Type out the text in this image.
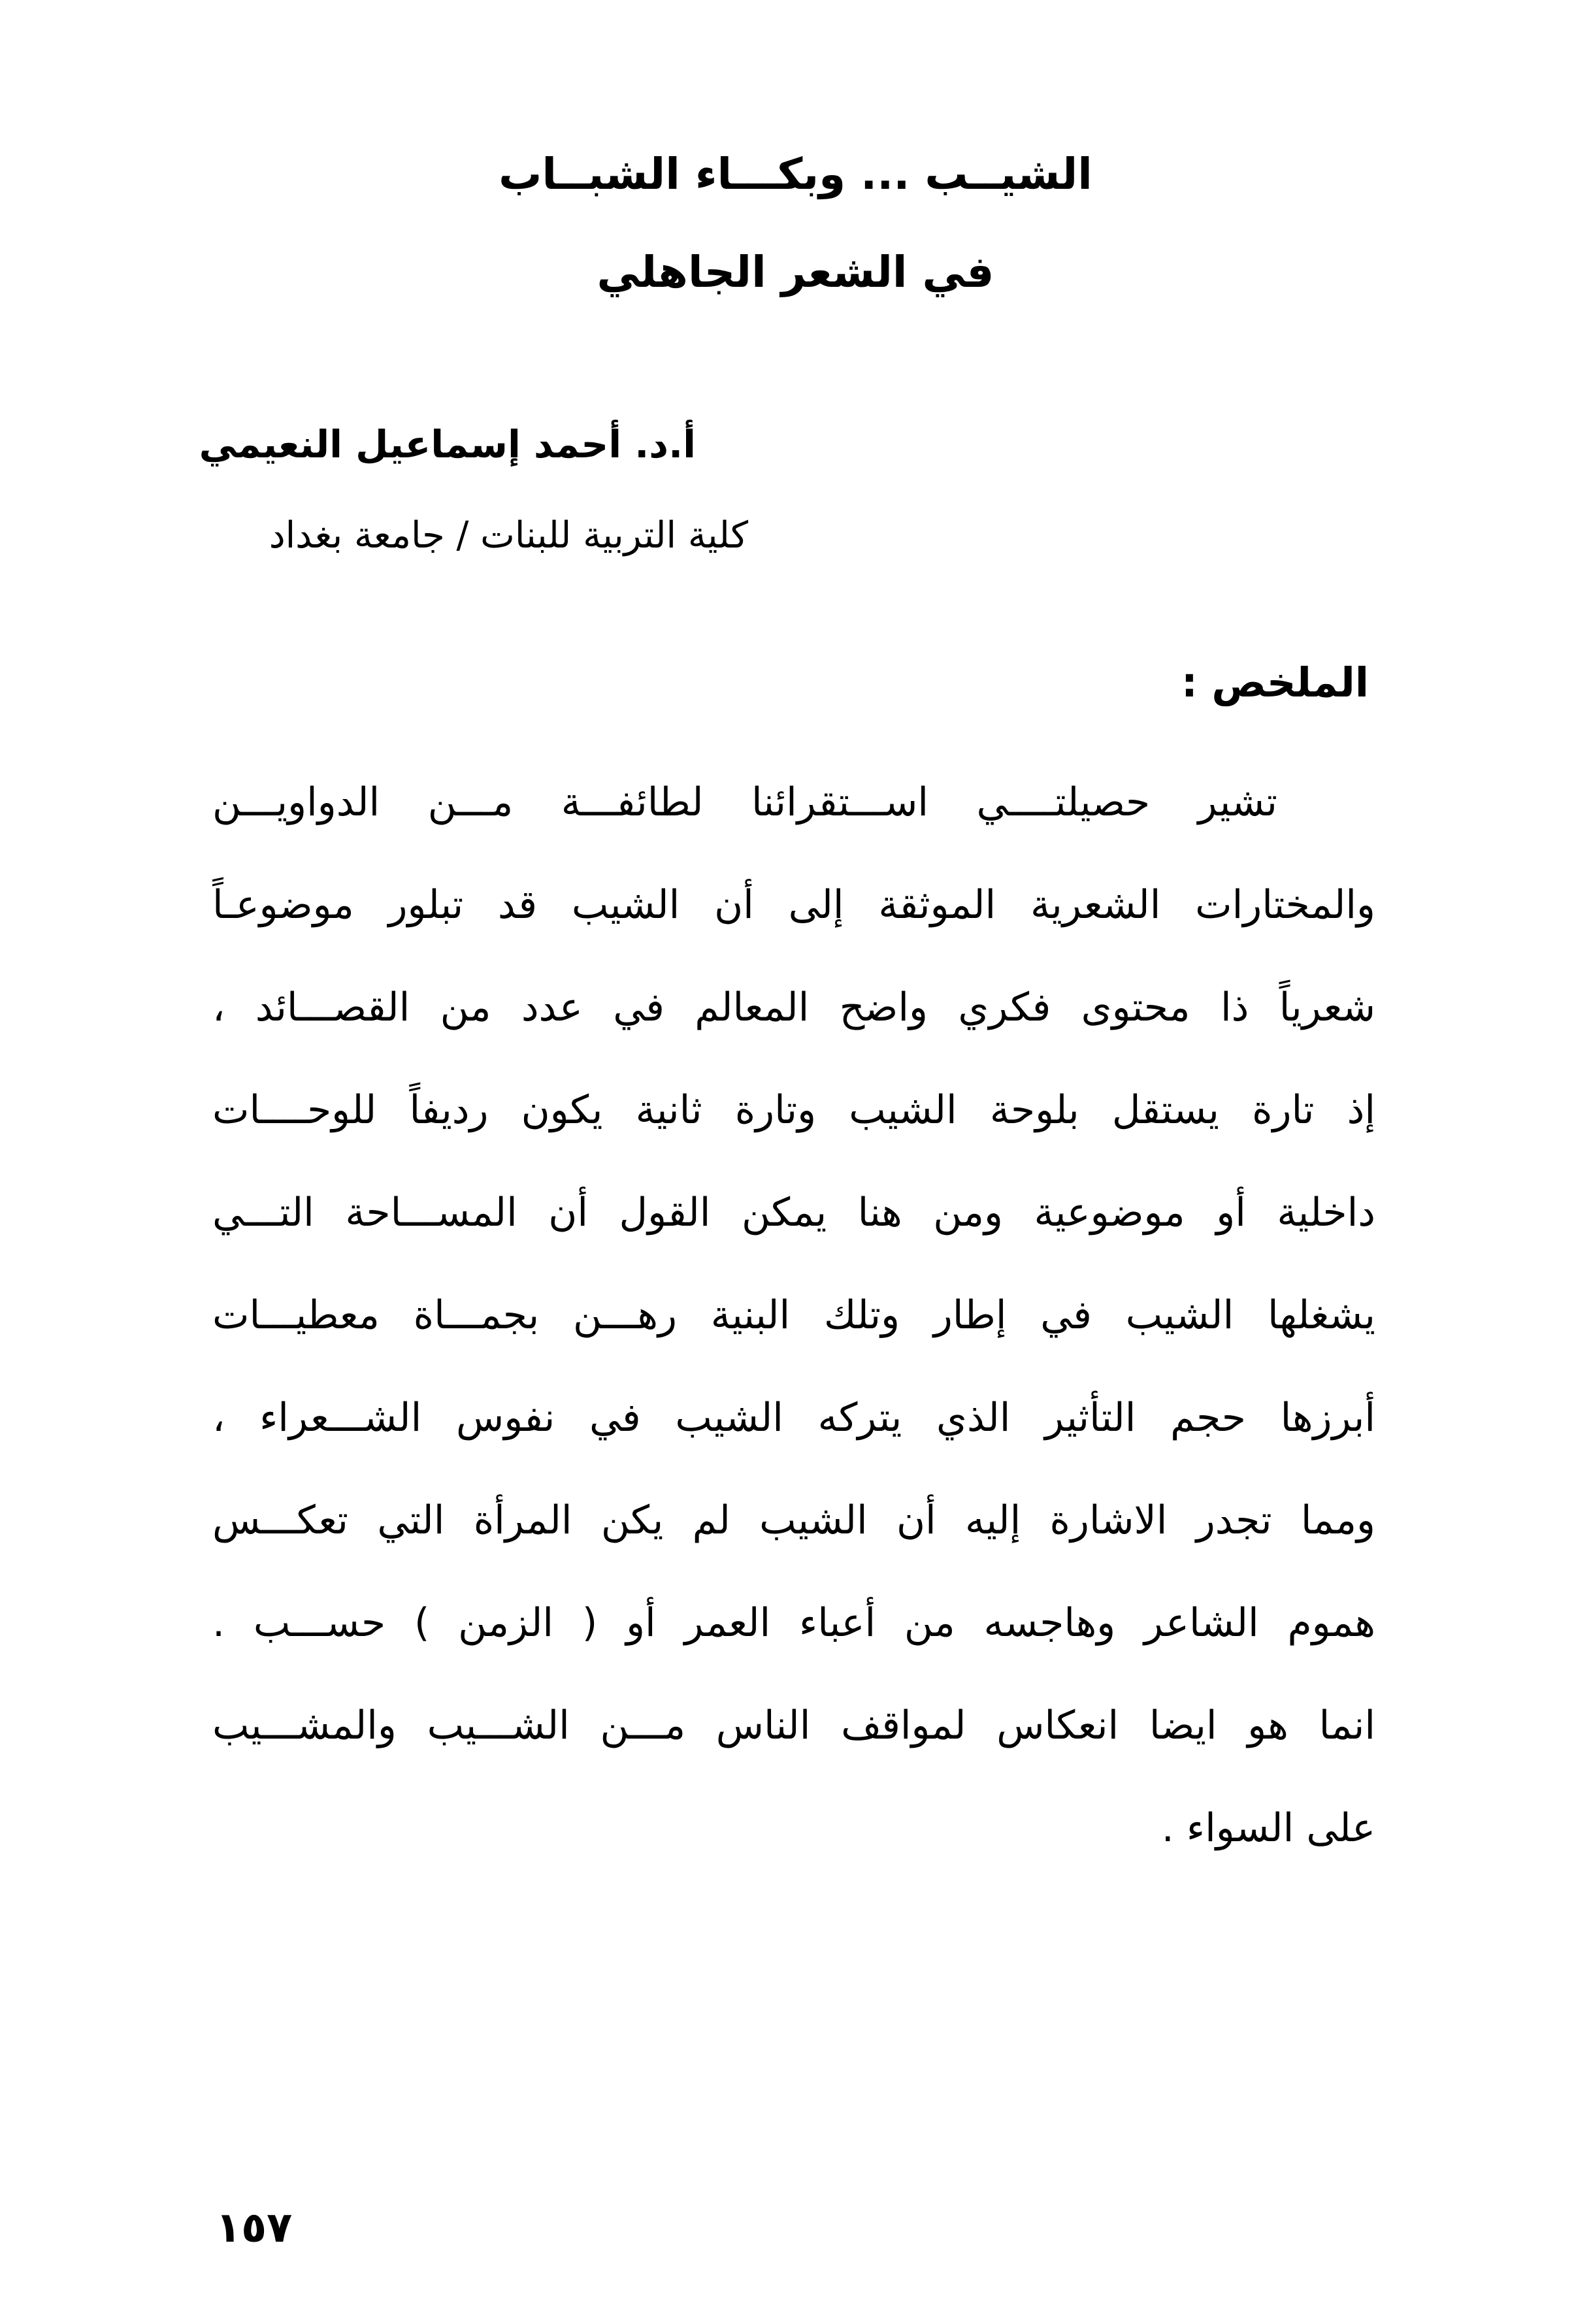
الشيــب ... وبكـــاء الشبــاب
في الشعر الجاهلي
أ.د. أحمد إسماعيل النعيمي
كلية التربية للبنات / جامعة بغداد
الملخص :
تشير حصيلتــــي اســـتقرائنا لطائفـــة مـــن الدواويـــن
والمختارات الشعرية الموثقة إلى أن الشيب قد تبلور موضوعـاً
شعرياً ذا محتوى فكري واضح المعالم في عدد من القصـــائد ،
إذ تارة يستقل بلوحة الشيب وتارة ثانية يكون رديفاً للوحــــات
داخلية أو موضوعية ومن هنا يمكن القول أن المســـاحة التـــي
يشغلها الشيب في إطار وتلك البنية رهـــن بجمـــاة معطيـــات
أبرزها حجم التأثير الذي يتركه الشيب في نفوس الشـــعراء ،
ومما تجدر الاشارة إليه أن الشيب لم يكن المرأة التي تعكـــس
هموم الشاعر وهاجسه من أعباء العمر أو ( الزمن ) حســـب .
انما هو ايضا انعكاس لمواقف الناس مـــن الشـــيب والمشـــيب
على السواء .
١٥٧
